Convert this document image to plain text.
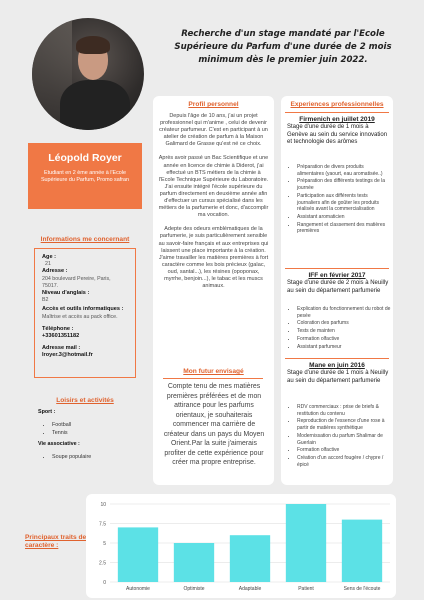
Recherche d'un stage mandaté par l'Ecole Supérieure du Parfum d'une durée de 2 mois minimum dès le premier juin 2022.
Léopold Royer
Etudiant en 2 ème année à l'Ecole Supérieure du Parfum, Promo safran
Informations me concernant
Age :
21
Adresse :
204 boulevard Pereire, Paris, 75017.
Niveau d'anglais :
B2
Accès et outils informatiques :
Maîtrise et accès au pack office.
Téléphone :
+33601351182
Adresse mail :
lroyer.3@hotmail.fr
Loisirs et activités
Sport :
• Football
• Tennis
Vie associative :
• Soupe populaire
Profil personnel

Depuis l'âge de 10 ans, j'ai un projet professionnel qui m'anime , celui de devenir créateur parfumeur. C'est en participant à un atelier de création de parfum à la Maison Galimard de Grasse qu'est né ce choix.

Après avoir passé un Bac Scientifique et une année en licence de chimie à Diderot, j'ai effectué un BTS métiers de la chimie à l'Ecole Technique Supérieure du Laboratoire. J'ai ensuite intégré l'école supérieure du parfum directement en deuxième année afin d'effectuer un cursus spécialisé dans les métiers de la parfumerie et donc, d'accomplir ma vocation.

Adepte des odeurs emblématiques de la parfumerie, je suis particulièrement sensible au savoir-faire français et aux entreprises qui laissent une place importante à la création. J'aime travailler les matières premières à fort caractère comme les bois précieux (gaïac, oud, santal...), les résines (opoponax, myrrhe, benjoin...), le tabac et les muscs animaux.

Mon futur envisagé
Compte tenu de mes matières premières préférées et de mon attirance pour les parfums orientaux, je souhaiterais commencer ma carrière de créateur dans un pays du Moyen Orient.Par la suite j'aimerais profiter de cette expérience pour créer ma propre entreprise.
Experiences professionnelles
Firmenich en juillet 2019
Stage d'une durée de 1 mois à Genève au sein du service innovation et technologie des arômes
• Préparation de divers produits alimentaires (yaourt, eau aromatisée..)
• Préparation des différents testings de la journée
• Participation aux différents tests journaliers afin de goûter les produits réalisés avant la commercialisation
• Assistant aromaticien
• Rangement et classement des matières premières
IFF en février 2017
Stage d'une durée de 2 mois à Neuilly au sein du département parfumerie
• Explication du fonctionnement du robot de pesée
• Coloration des parfums
• Tests de mainten
• Formation olfactive
• Assistant parfumeur
Mane en juin 2016
Stage d'une durée de 1 mois à Neuilly au sein du département parfumerie
• RDV commerciaux : prise de briefs & restitution du contenu
• Reproduction de l'essence d'une rose à partir de matières synthétique
• Modernissation du parfum Shalimar de Guerlain
• Formation olfactive
• Création d'un accord fougère / chypre / épicé
Principaux traits de caractère :
0
2.5
5
7.5
10
Autonomie	Optimiste	Adaptable	Patient	Sens de l'écoute
